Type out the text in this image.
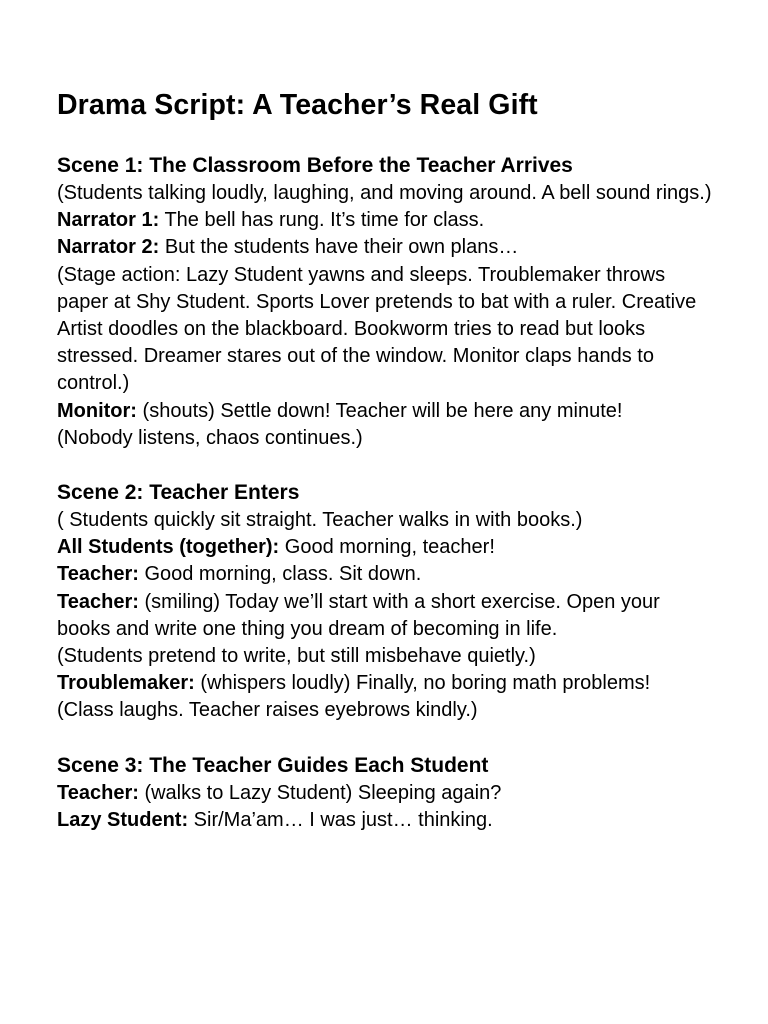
Drama Script: A Teacher’s Real Gift
Scene 1: The Classroom Before the Teacher Arrives

(Students talking loudly, laughing, and moving around. A bell sound rings.)

Narrator 1: The bell has rung. It’s time for class.

Narrator 2: But the students have their own plans…

(Stage action: Lazy Student yawns and sleeps. Troublemaker throws paper at Shy Student. Sports Lover pretends to bat with a ruler. Creative Artist doodles on the blackboard. Bookworm tries to read but looks stressed. Dreamer stares out of the window. Monitor claps hands to control.)

Monitor: (shouts) Settle down! Teacher will be here any minute!

(Nobody listens, chaos continues.)

Scene 2: Teacher Enters

( Students quickly sit straight. Teacher walks in with books.)

All Students (together): Good morning, teacher!

Teacher: Good morning, class. Sit down.

Teacher: (smiling) Today we’ll start with a short exercise. Open your books and write one thing you dream of becoming in life.

(Students pretend to write, but still misbehave quietly.)

Troublemaker: (whispers loudly) Finally, no boring math problems!

(Class laughs. Teacher raises eyebrows kindly.)

Scene 3: The Teacher Guides Each Student

Teacher: (walks to Lazy Student) Sleeping again?

Lazy Student: Sir/Ma’am… I was just… thinking.
